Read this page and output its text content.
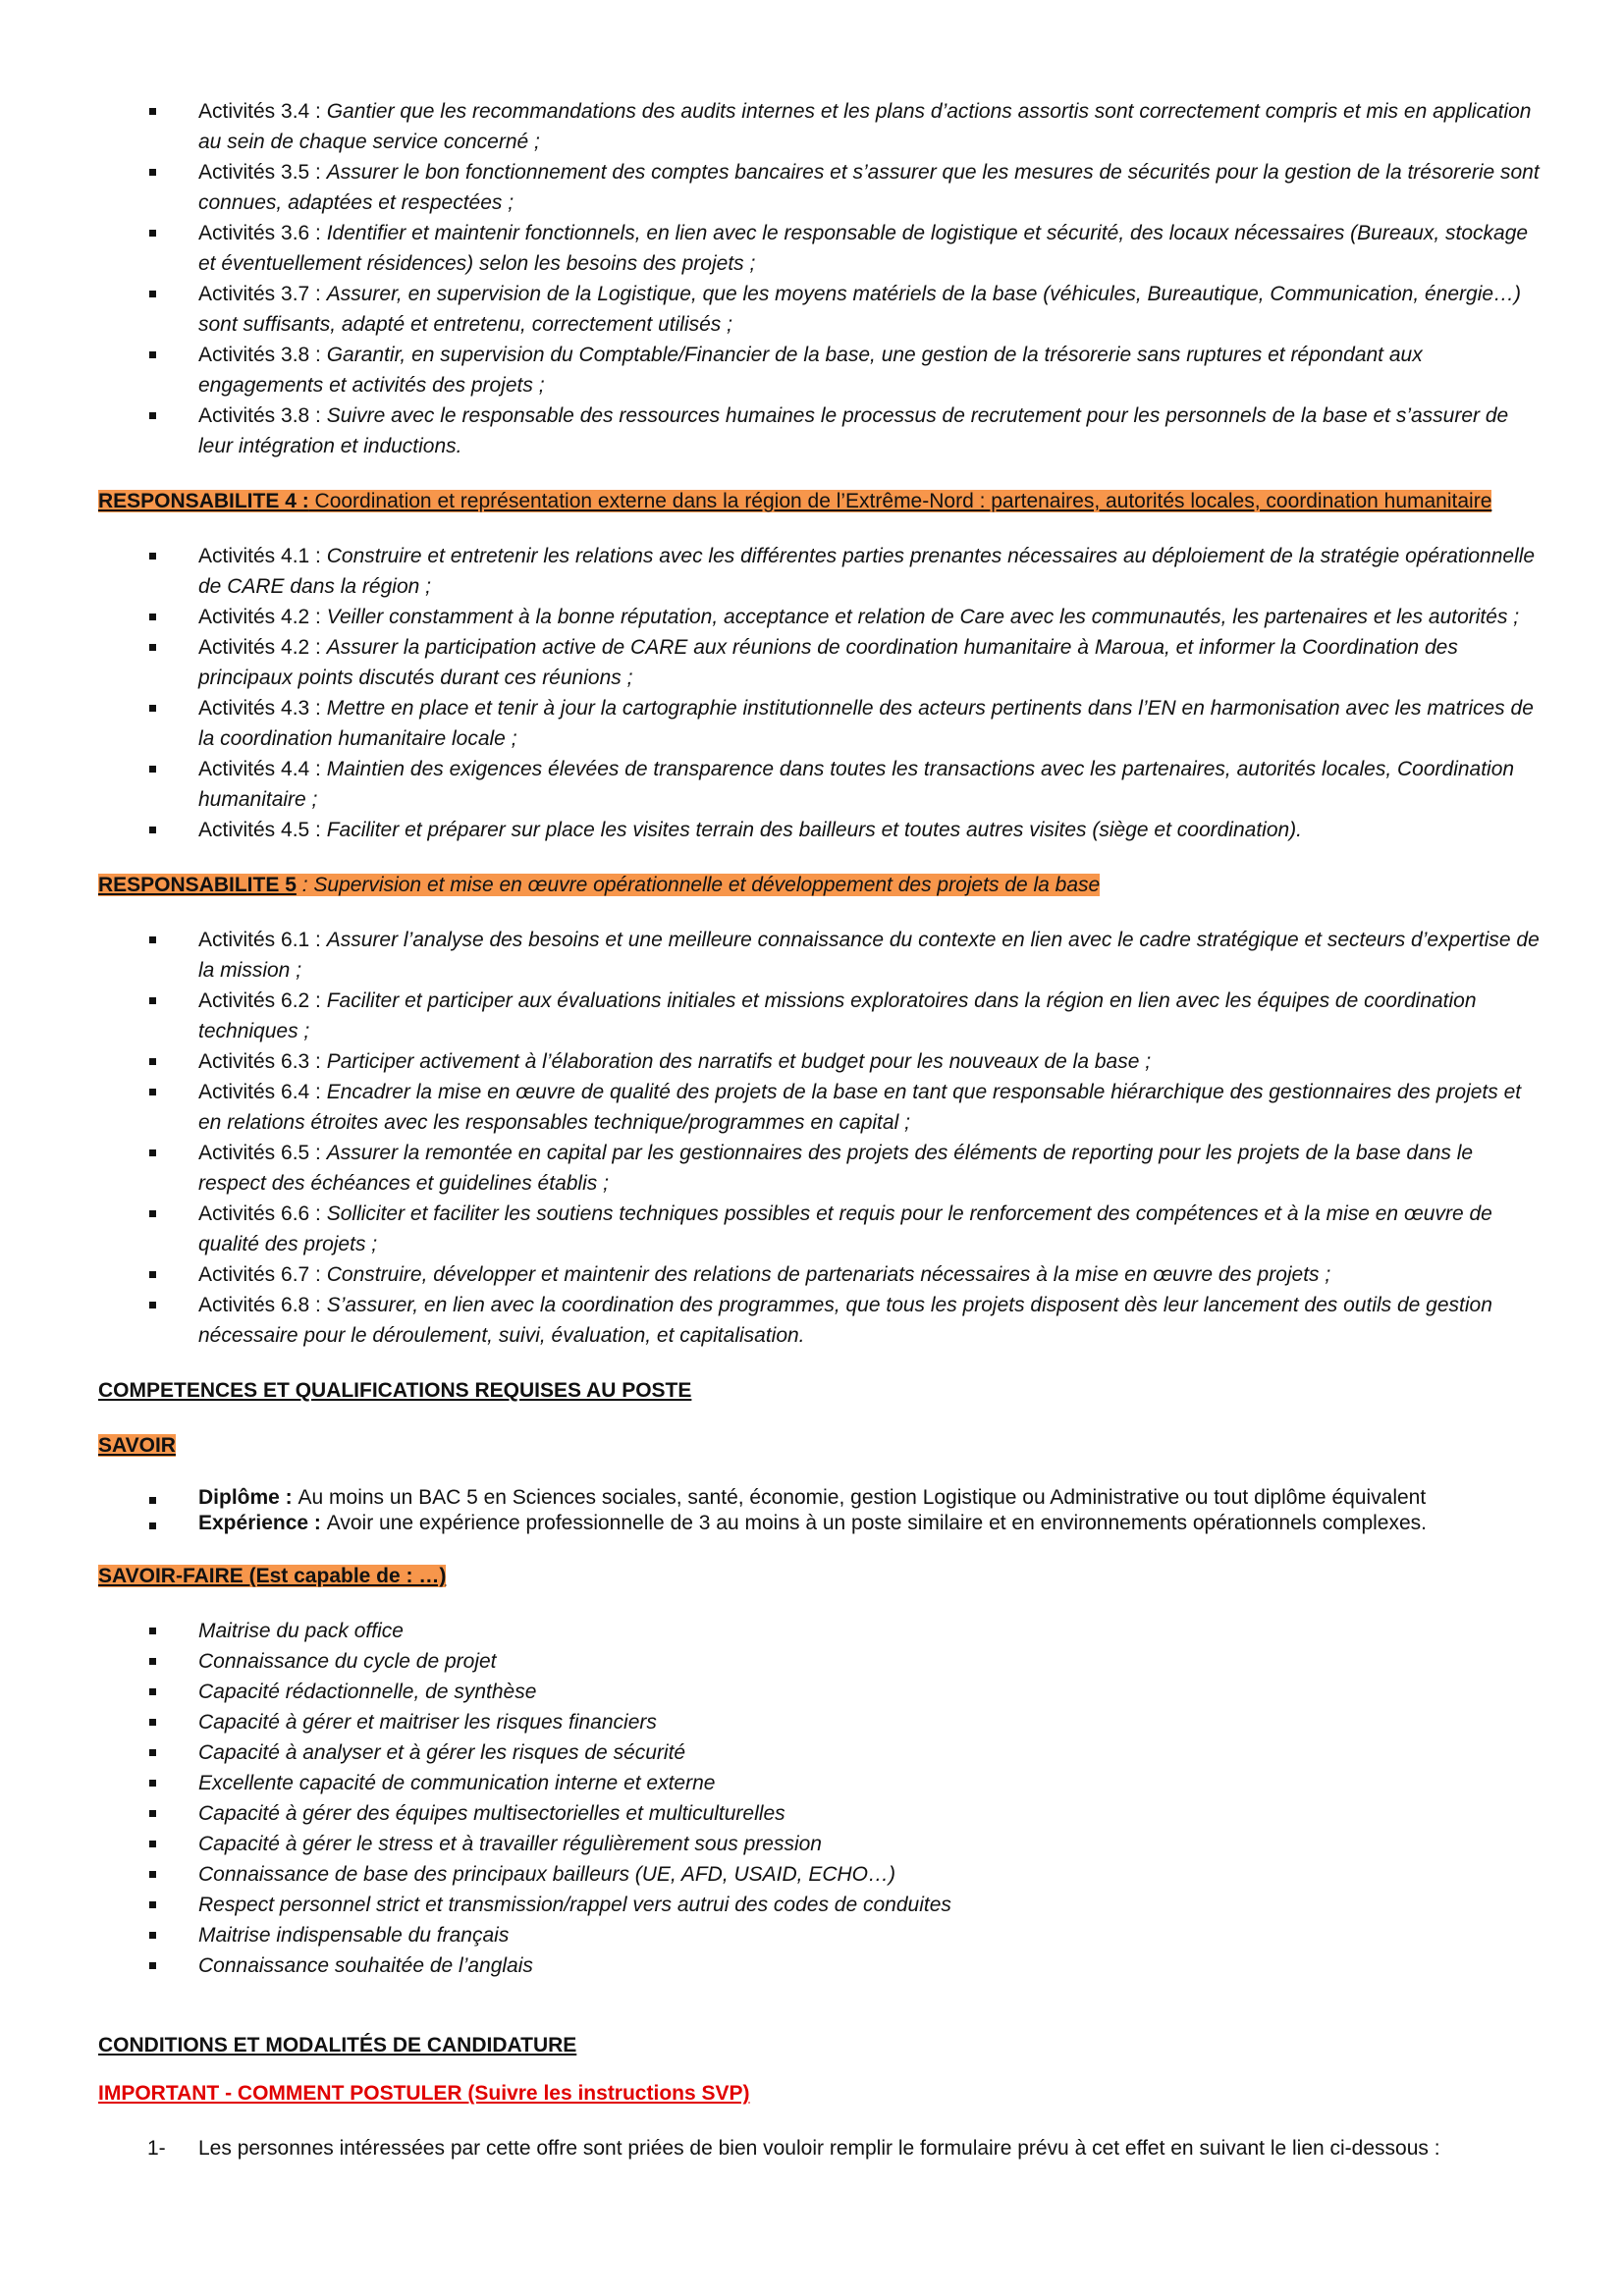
Activités 3.4 : Gantier que les recommandations des audits internes et les plans d’actions assortis sont correctement compris et mis en application au sein de chaque service concerné ;
Activités 3.5 : Assurer le bon fonctionnement des comptes bancaires et s’assurer que les mesures de sécurités pour la gestion de la trésorerie sont connues, adaptées et respectées ;
Activités 3.6 : Identifier et maintenir fonctionnels, en lien avec le responsable de logistique et sécurité, des locaux nécessaires (Bureaux, stockage et éventuellement résidences) selon les besoins des projets ;
Activités 3.7 : Assurer, en supervision de la Logistique, que les moyens matériels de la base (véhicules, Bureautique, Communication, énergie…) sont suffisants, adapté et entretenu, correctement utilisés ;
Activités 3.8 : Garantir, en supervision du Comptable/Financier de la base, une gestion de la trésorerie sans ruptures et répondant aux engagements et activités des projets ;
Activités 3.8 : Suivre avec le responsable des ressources humaines le processus de recrutement pour les personnels de la base et s’assurer de leur intégration et inductions.

RESPONSABILITE 4 : Coordination et représentation externe dans la région de l’Extrême-Nord : partenaires, autorités locales, coordination humanitaire

Activités 4.1 : Construire et entretenir les relations avec les différentes parties prenantes nécessaires au déploiement de la stratégie opérationnelle de CARE dans la région ;
Activités 4.2 : Veiller constamment à la bonne réputation, acceptance et relation de Care avec les communautés, les partenaires et les autorités ;
Activités 4.2 : Assurer la participation active de CARE aux réunions de coordination humanitaire à Maroua, et informer la Coordination des principaux points discutés durant ces réunions ;
Activités 4.3 : Mettre en place et tenir à jour la cartographie institutionnelle des acteurs pertinents dans l’EN en harmonisation avec les matrices de la coordination humanitaire locale ;
Activités 4.4 : Maintien des exigences élevées de transparence dans toutes les transactions avec les partenaires, autorités locales, Coordination humanitaire ;
Activités 4.5 : Faciliter et préparer sur place les visites terrain des bailleurs et toutes autres visites (siège et coordination).

RESPONSABILITE 5 : Supervision et mise en œuvre opérationnelle et développement des projets de la base

Activités 6.1 : Assurer l’analyse des besoins et une meilleure connaissance du contexte en lien avec le cadre stratégique et secteurs d’expertise de la mission ;
Activités 6.2 : Faciliter et participer aux évaluations initiales et missions exploratoires dans la région en lien avec les équipes de coordination techniques ;
Activités 6.3 : Participer activement à l’élaboration des narratifs et budget pour les nouveaux de la base ;
Activités 6.4 : Encadrer la mise en œuvre de qualité des projets de la base en tant que responsable hiérarchique des gestionnaires des projets et en relations étroites avec les responsables technique/programmes en capital ;
Activités 6.5 : Assurer la remontée en capital par les gestionnaires des projets des éléments de reporting pour les projets de la base dans le respect des échéances et guidelines établis ;
Activités 6.6 : Solliciter et faciliter les soutiens techniques possibles et requis pour le renforcement des compétences et à la mise en œuvre de qualité des projets ;
Activités 6.7 : Construire, développer et maintenir des relations de partenariats nécessaires à la mise en œuvre des projets ;
Activités 6.8 : S’assurer, en lien avec la coordination des programmes, que tous les projets disposent dès leur lancement des outils de gestion nécessaire pour le déroulement, suivi, évaluation, et capitalisation.

COMPETENCES ET QUALIFICATIONS REQUISES AU POSTE

SAVOIR

Diplôme : Au moins un BAC 5 en Sciences sociales, santé, économie, gestion Logistique ou Administrative ou tout diplôme équivalent
Expérience : Avoir une expérience professionnelle de 3 au moins à un poste similaire et en environnements opérationnels complexes.

SAVOIR-FAIRE (Est capable de : …)

Maitrise du pack office
Connaissance du cycle de projet
Capacité rédactionnelle, de synthèse
Capacité à gérer et maitriser les risques financiers
Capacité à analyser et à gérer les risques de sécurité
Excellente capacité de communication interne et externe
Capacité à gérer des équipes multisectorielles et multiculturelles
Capacité à gérer le stress et à travailler régulièrement sous pression
Connaissance de base des principaux bailleurs (UE, AFD, USAID, ECHO…)
Respect personnel strict et transmission/rappel vers autrui des codes de conduites
Maitrise indispensable du français
Connaissance souhaitée de l’anglais

CONDITIONS ET MODALITÉS DE CANDIDATURE

IMPORTANT - COMMENT POSTULER (Suivre les instructions SVP)

1- Les personnes intéressées par cette offre sont priées de bien vouloir remplir le formulaire prévu à cet effet en suivant le lien ci-dessous :
